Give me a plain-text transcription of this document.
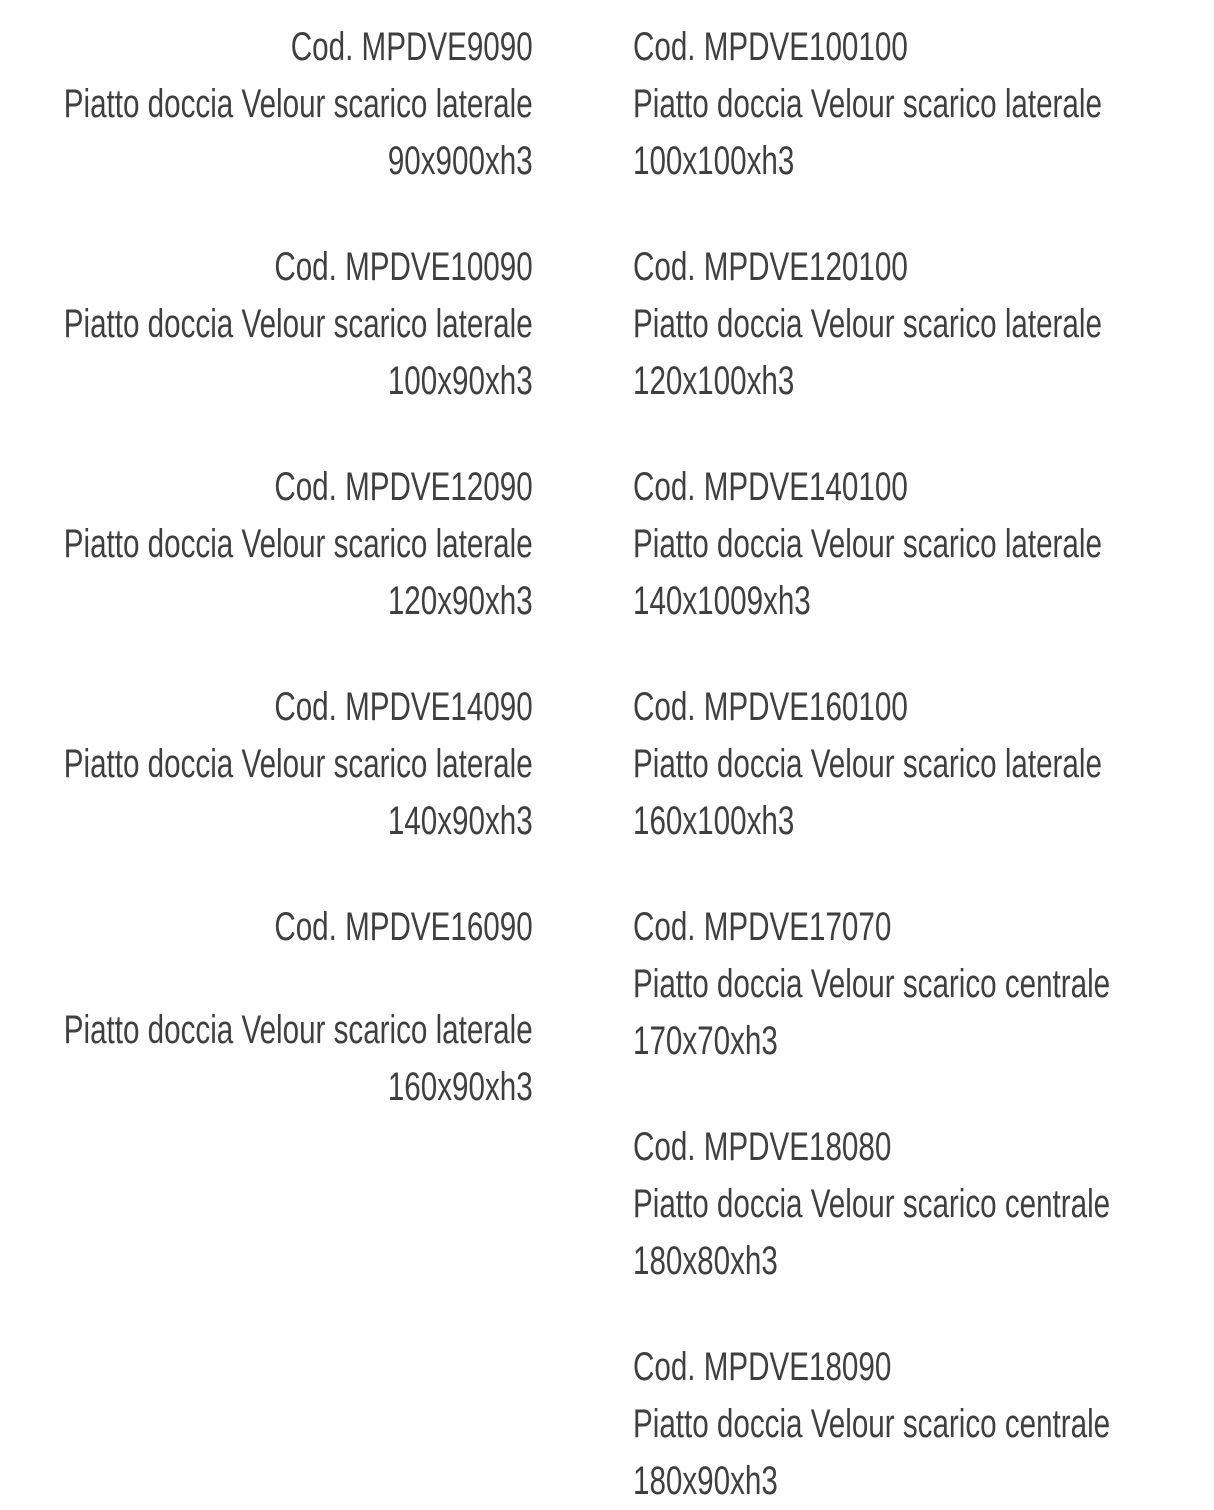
Cod. MPDVE9090
Piatto doccia Velour scarico laterale
90x900xh3
Cod. MPDVE10090
Piatto doccia Velour scarico laterale
100x90xh3
Cod. MPDVE12090
Piatto doccia Velour scarico laterale
120x90xh3
Cod. MPDVE14090
Piatto doccia Velour scarico laterale
140x90xh3
Cod. MPDVE16090
Piatto doccia Velour scarico laterale
160x90xh3
Cod. MPDVE100100
Piatto doccia Velour scarico laterale
100x100xh3
Cod. MPDVE120100
Piatto doccia Velour scarico laterale
120x100xh3
Cod. MPDVE140100
Piatto doccia Velour scarico laterale
140x1009xh3
Cod. MPDVE160100
Piatto doccia Velour scarico laterale
160x100xh3
Cod. MPDVE17070
Piatto doccia Velour scarico centrale
170x70xh3
Cod. MPDVE18080
Piatto doccia Velour scarico centrale
180x80xh3
Cod. MPDVE18090
Piatto doccia Velour scarico centrale
180x90xh3
